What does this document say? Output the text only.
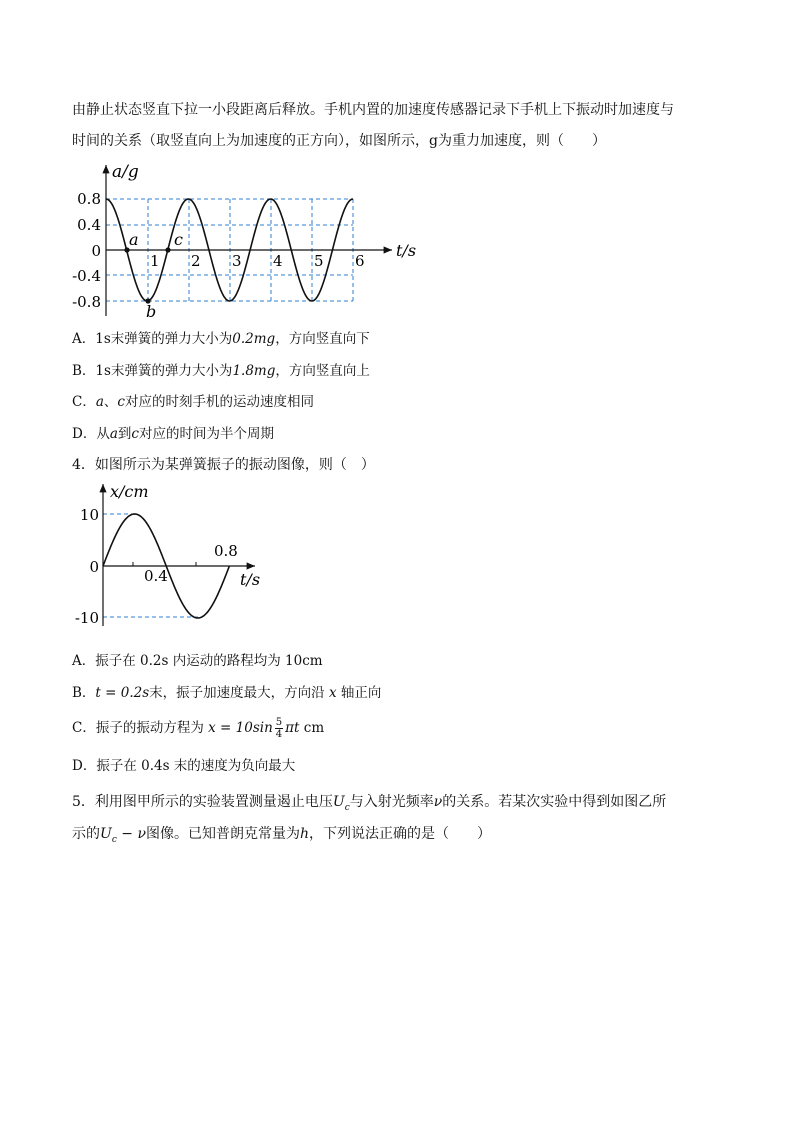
由静止状态竖直下拉一小段距离后释放。手机内置的加速度传感器记录下手机上下振动时加速度与
时间的关系（取竖直向上为加速度的正方向），如图所示，g为重力加速度，则（　　）
a/g
t/s
0.8
0.4
0
-0.4
-0.8
1 2 3 4 5 6
a
b
c
A．1s末弹簧的弹力大小为0.2mg，方向竖直向下
B．1s末弹簧的弹力大小为1.8mg，方向竖直向上
C．a、c对应的时刻手机的运动速度相同
D．从a到c对应的时间为半个周期
4．如图所示为某弹簧振子的振动图像，则（　）
x/cm
t/s
10
0
-10
0.4
0.8
A．振子在 0.2s 内运动的路程均为 10cm
B．t = 0.2s末，振子加速度最大，方向沿 x 轴正向
C．振子的振动方程为 $x = 10\sin \frac{5}{4}$ πt cm
D．振子在 0.4s 末的速度为负向最大
5．利用图甲所示的实验装置测量遏止电压$U_c$与入射光频率ν的关系。若某次实验中得到如图乙所
示的$U_c - \nu$图像。已知普朗克常量为h，下列说法正确的是（　　）
